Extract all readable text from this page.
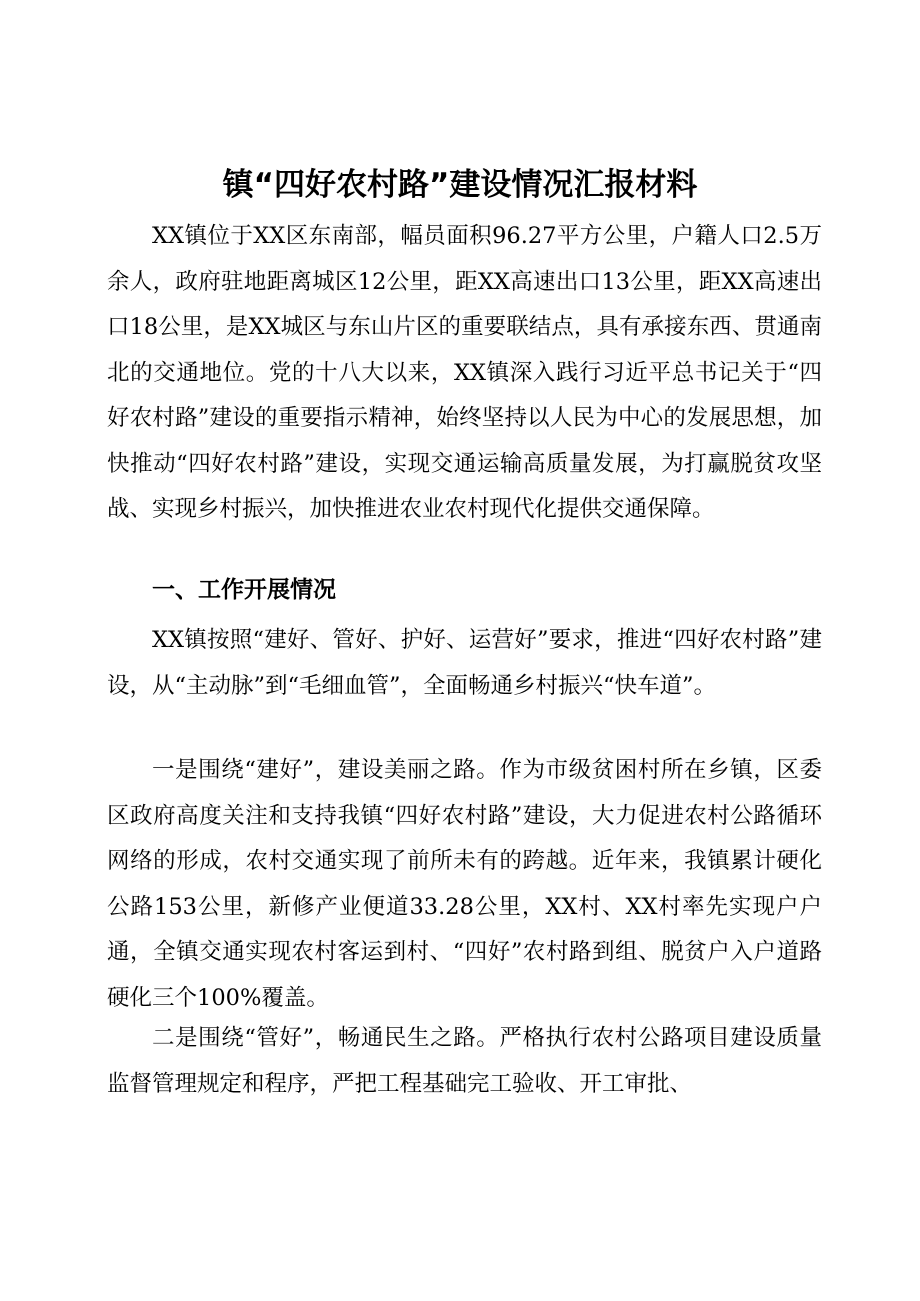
镇“四好农村路”建设情况汇报材料

XX镇位于XX区东南部，幅员面积96.27平方公里，户籍人口2.5万余人，政府驻地距离城区12公里，距XX高速出口13公里，距XX高速出口18公里，是XX城区与东山片区的重要联结点，具有承接东西、贯通南北的交通地位。党的十八大以来，XX镇深入践行习近平总书记关于“四好农村路”建设的重要指示精神，始终坚持以人民为中心的发展思想，加快推动“四好农村路”建设，实现交通运输高质量发展，为打赢脱贫攻坚战、实现乡村振兴，加快推进农业农村现代化提供交通保障。

一、工作开展情况

XX镇按照“建好、管好、护好、运营好”要求，推进“四好农村路”建设，从“主动脉”到“毛细血管”，全面畅通乡村振兴“快车道”。

一是围绕“建好”，建设美丽之路。作为市级贫困村所在乡镇，区委区政府高度关注和支持我镇“四好农村路”建设，大力促进农村公路循环网络的形成，农村交通实现了前所未有的跨越。近年来，我镇累计硬化公路153公里，新修产业便道33.28公里，XX村、XX村率先实现户户通，全镇交通实现农村客运到村、“四好”农村路到组、脱贫户入户道路硬化三个100%覆盖。

二是围绕“管好”，畅通民生之路。严格执行农村公路项目建设质量监督管理规定和程序，严把工程基础完工验收、开工审批、
